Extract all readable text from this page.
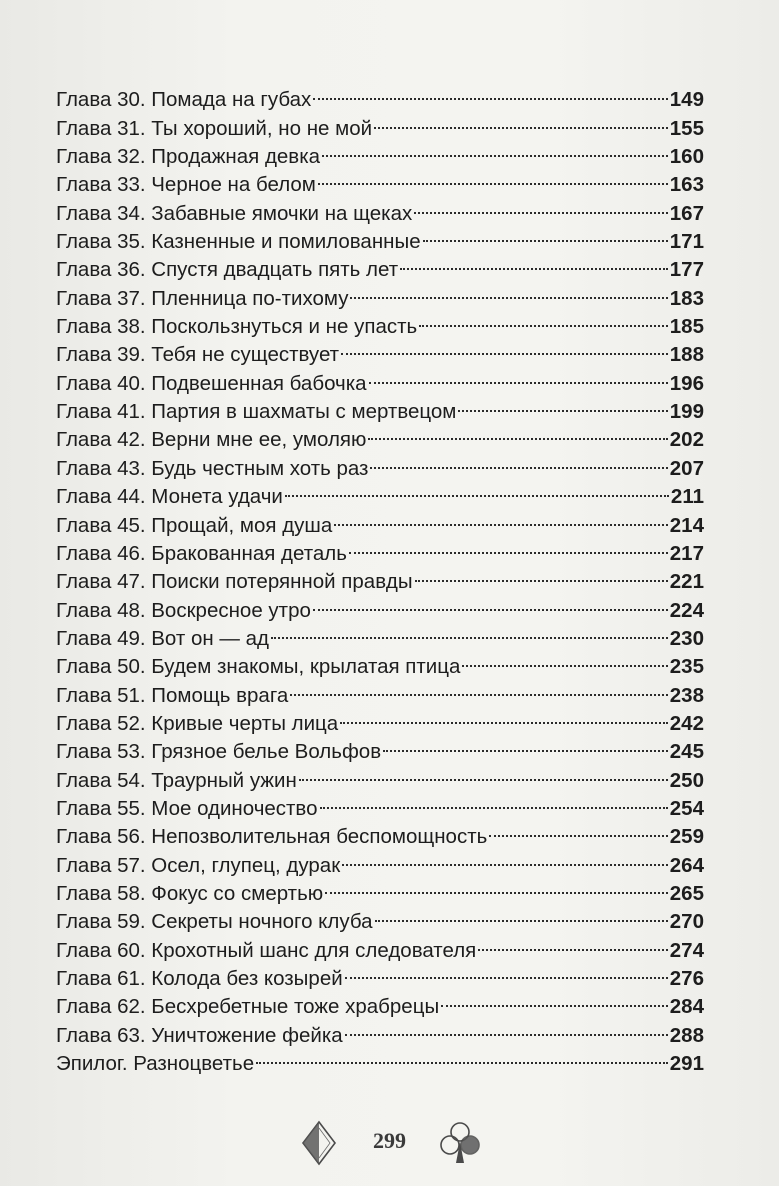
Глава 30. Помада на губах	149
Глава 31. Ты хороший, но не мой	155
Глава 32. Продажная девка	160
Глава 33. Черное на белом	163
Глава 34. Забавные ямочки на щеках	167
Глава 35. Казненные и помилованные	171
Глава 36. Спустя двадцать пять лет	177
Глава 37. Пленница по-тихому	183
Глава 38. Поскользнуться и не упасть	185
Глава 39. Тебя не существует	188
Глава 40. Подвешенная бабочка	196
Глава 41. Партия в шахматы с мертвецом	199
Глава 42. Верни мне ее, умоляю	202
Глава 43. Будь честным хоть раз	207
Глава 44. Монета удачи	211
Глава 45. Прощай, моя душа	214
Глава 46. Бракованная деталь	217
Глава 47. Поиски потерянной правды	221
Глава 48. Воскресное утро	224
Глава 49. Вот он — ад	230
Глава 50. Будем знакомы, крылатая птица	235
Глава 51. Помощь врага	238
Глава 52. Кривые черты лица	242
Глава 53. Грязное белье Вольфов	245
Глава 54. Траурный ужин	250
Глава 55. Мое одиночество	254
Глава 56. Непозволительная беспомощность	259
Глава 57. Осел, глупец, дурак	264
Глава 58. Фокус со смертью	265
Глава 59. Секреты ночного клуба	270
Глава 60. Крохотный шанс для следователя	274
Глава 61. Колода без козырей	276
Глава 62. Бесхребетные тоже храбрецы	284
Глава 63. Уничтожение фейка	288
Эпилог. Разноцветье	291
299
